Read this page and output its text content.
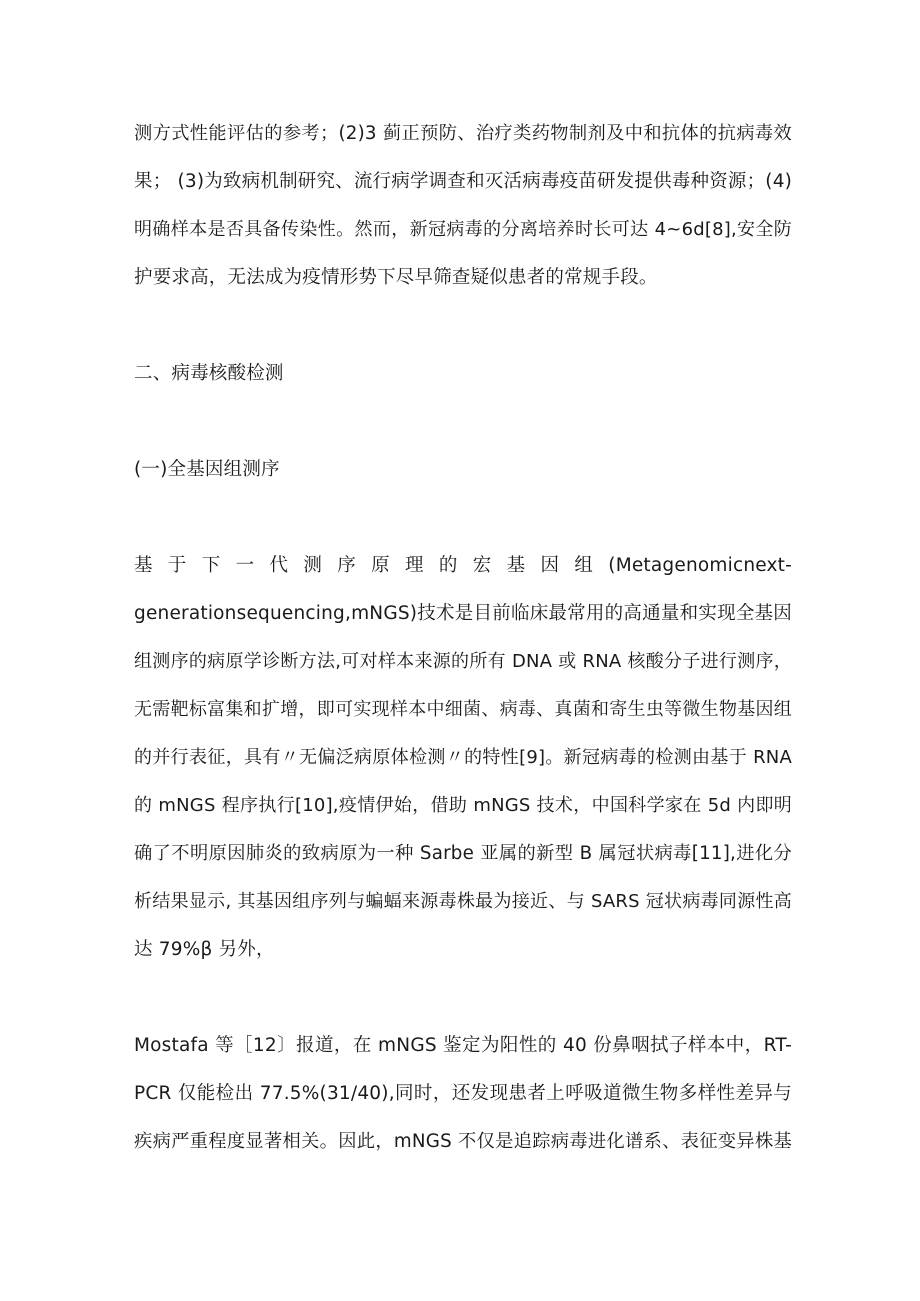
测方式性能评估的参考；(2)3 蓟正预防、治疗类药物制剂及中和抗体的抗病毒效
果； (3)为致病机制研究、流行病学调查和灭活病毒疫苗研发提供毒种资源；(4)
明确样本是否具备传染性。然而，新冠病毒的分离培养时长可达 4~6d[8],安全防
护要求高，无法成为疫情形势下尽早筛查疑似患者的常规手段。
二、病毒核酸检测
(一)全基因组测序
基 于 下 一 代 测 序 原 理 的 宏 基 因 组 (Metagenomicnext-
generationsequencing,mNGS)技术是目前临床最常用的高通量和实现全基因
组测序的病原学诊断方法,可对样本来源的所有 DNA 或 RNA 核酸分子进行测序，
无需靶标富集和扩增，即可实现样本中细菌、病毒、真菌和寄生虫等微生物基因组
的并行表征，具有〃无偏泛病原体检测〃的特性[9]。新冠病毒的检测由基于 RNA
的 mNGS 程序执行[10],疫情伊始，借助 mNGS 技术，中国科学家在 5d 内即明
确了不明原因肺炎的致病原为一种 Sarbe 亚属的新型 B 属冠状病毒[11],进化分
析结果显示, 其基因组序列与蝙蝠来源毒株最为接近、与 SARS 冠状病毒同源性高
达 79%β 另外，
Mostafa 等［12〕报道，在 mNGS 鉴定为阳性的 40 份鼻咽拭子样本中，RT-
PCR 仅能检出 77.5%(31/40),同时，还发现患者上呼吸道微生物多样性差异与
疾病严重程度显著相关。因此，mNGS 不仅是追踪病毒进化谱系、表征变异株基
